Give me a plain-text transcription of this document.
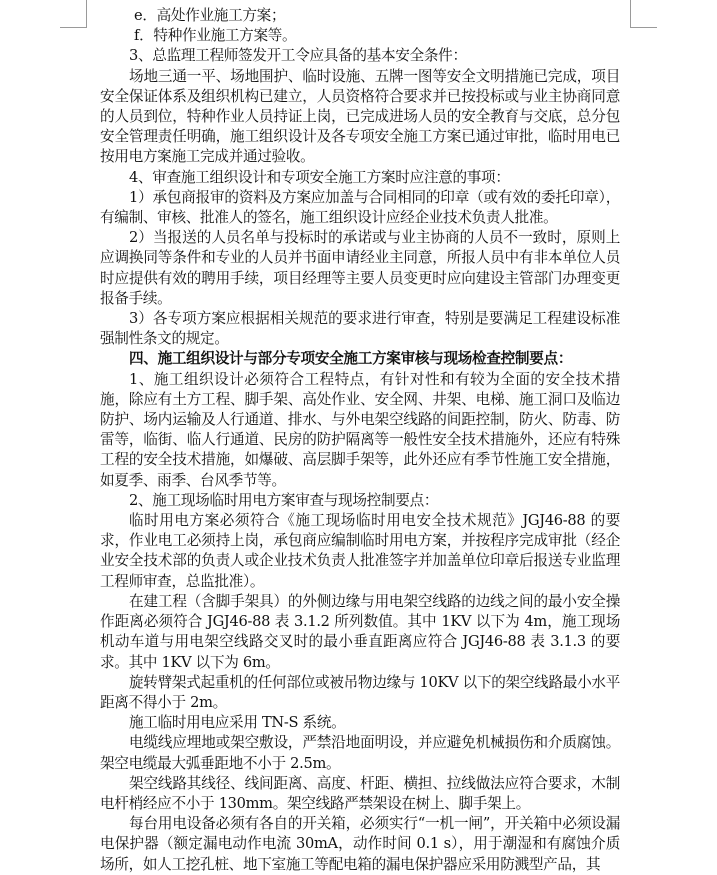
e．高处作业施工方案；

f．特种作业施工方案等。

3、总监理工程师签发开工令应具备的基本安全条件：

场地三通一平、场地围护、临时设施、五牌一图等安全文明措施已完成，项目安全保证体系及组织机构已建立，人员资格符合要求并已按投标或与业主协商同意的人员到位，特种作业人员持证上岗，已完成进场人员的安全教育与交底，总分包安全管理责任明确，施工组织设计及各专项安全施工方案已通过审批，临时用电已按用电方案施工完成并通过验收。

4、审查施工组织设计和专项安全施工方案时应注意的事项：

1）承包商报审的资料及方案应加盖与合同相同的印章（或有效的委托印章），有编制、审核、批准人的签名，施工组织设计应经企业技术负责人批准。

2）当报送的人员名单与投标时的承诺或与业主协商的人员不一致时，原则上应调换同等条件和专业的人员并书面申请经业主同意，所报人员中有非本单位人员时应提供有效的聘用手续，项目经理等主要人员变更时应向建设主管部门办理变更报备手续。

3）各专项方案应根据相关规范的要求进行审查，特别是要满足工程建设标准强制性条文的规定。

四、施工组织设计与部分专项安全施工方案审核与现场检查控制要点：

1、施工组织设计必须符合工程特点，有针对性和有较为全面的安全技术措施，除应有土方工程、脚手架、高处作业、安全网、井架、电梯、施工洞口及临边防护、场内运输及人行通道、排水、与外电架空线路的间距控制，防火、防毒、防雷等，临街、临人行通道、民房的防护隔离等一般性安全技术措施外，还应有特殊工程的安全技术措施，如爆破、高层脚手架等，此外还应有季节性施工安全措施，如夏季、雨季、台风季节等。

2、施工现场临时用电方案审查与现场控制要点：

临时用电方案必须符合《施工现场临时用电安全技术规范》JGJ46-88 的要求，作业电工必须持上岗，承包商应编制临时用电方案，并按程序完成审批（经企业安全技术部的负责人或企业技术负责人批准签字并加盖单位印章后报送专业监理工程师审查，总监批准）。

在建工程（含脚手架具）的外侧边缘与用电架空线路的边线之间的最小安全操作距离必须符合 JGJ46-88 表 3.1.2 所列数值。其中 1KV 以下为 4m，施工现场机动车道与用电架空线路交叉时的最小垂直距离应符合 JGJ46-88 表 3.1.3 的要求。其中 1KV 以下为 6m。

旋转臂架式起重机的任何部位或被吊物边缘与 10KV 以下的架空线路最小水平距离不得小于 2m。

施工临时用电应采用 TN-S 系统。

电缆线应埋地或架空敷设，严禁沿地面明设，并应避免机械损伤和介质腐蚀。架空电缆最大弧垂距地不小于 2.5m。

架空线路其线径、线间距离、高度、杆距、横担、拉线做法应符合要求，木制电杆梢经应不小于 130mm。架空线路严禁架设在树上、脚手架上。

每台用电设备必须有各自的开关箱，必须实行“一机一闸”，开关箱中必须设漏电保护器（额定漏电动作电流 30mA，动作时间 0.1 s），用于潮湿和有腐蚀介质场所，如人工挖孔桩、地下室施工等配电箱的漏电保护器应采用防溅型产品，其
